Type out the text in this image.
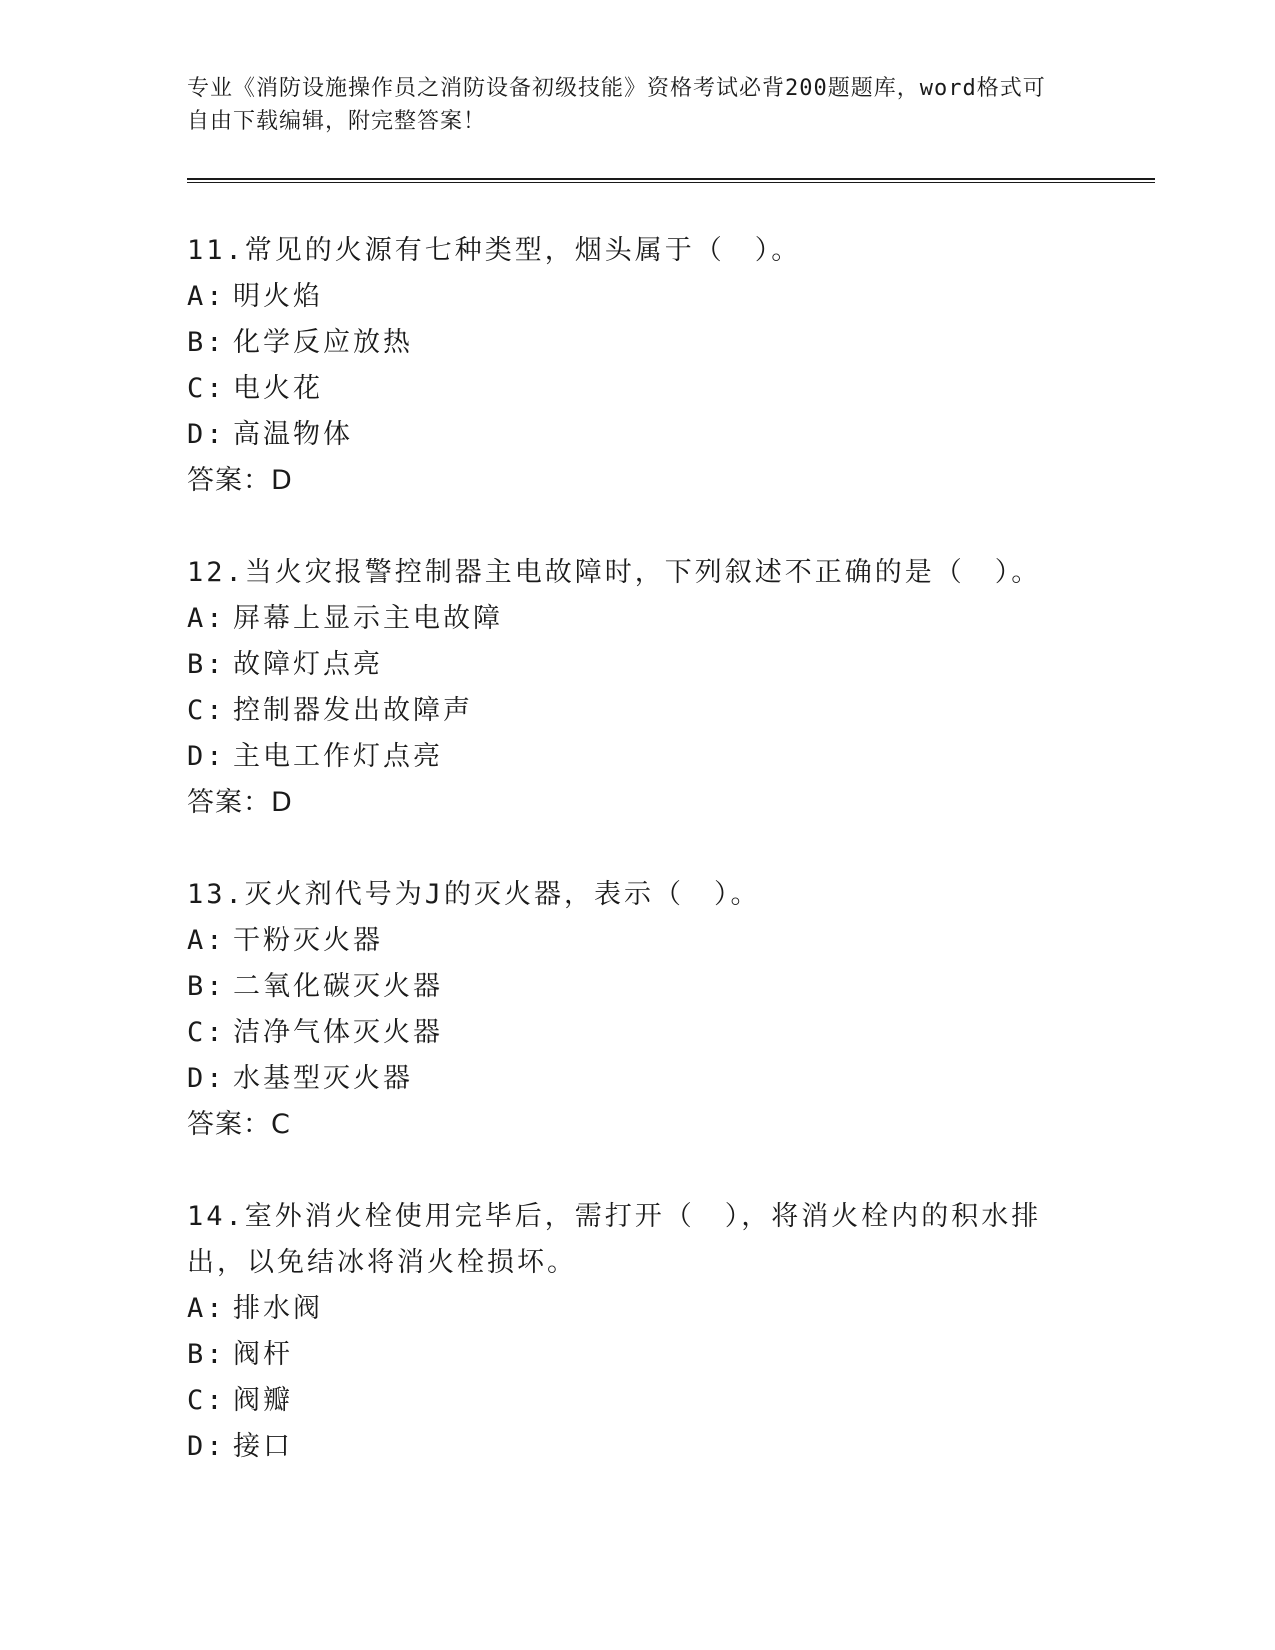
专业《消防设施操作员之消防设备初级技能》资格考试必背200题题库，word格式可自由下载编辑，附完整答案！

11.常见的火源有七种类型，烟头属于（　）。

A: 明火焰
B: 化学反应放热
C: 电火花
D: 高温物体
答案：D

12.当火灾报警控制器主电故障时，下列叙述不正确的是（　）。

A: 屏幕上显示主电故障
B: 故障灯点亮
C: 控制器发出故障声
D: 主电工作灯点亮
答案：D

13.灭火剂代号为J的灭火器，表示（　）。

A: 干粉灭火器
B: 二氧化碳灭火器
C: 洁净气体灭火器
D: 水基型灭火器
答案：C

14.室外消火栓使用完毕后，需打开（　），将消火栓内的积水排出，以免结冰将消火栓损坏。

A: 排水阀
B: 阀杆
C: 阀瓣
D: 接口
